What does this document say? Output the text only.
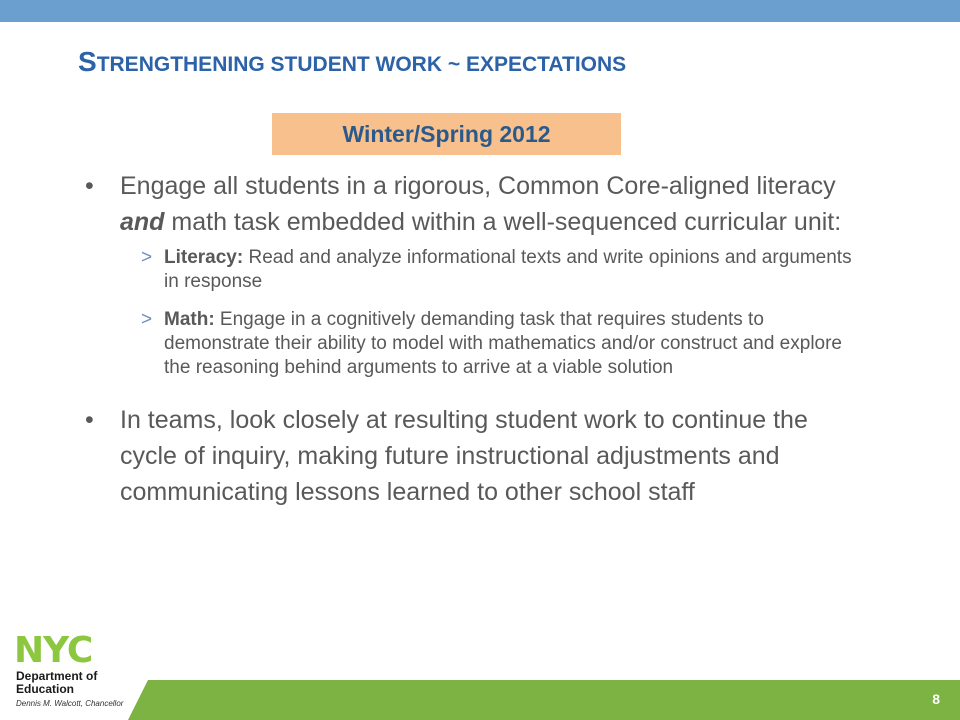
STRENGTHENING STUDENT WORK ~ EXPECTATIONS
Winter/Spring 2012
• Engage all students in a rigorous, Common Core-aligned literacy and math task embedded within a well-sequenced curricular unit:
> Literacy: Read and analyze informational texts and write opinions and arguments in response
> Math: Engage in a cognitively demanding task that requires students to demonstrate their ability to model with mathematics and/or construct and explore the reasoning behind arguments to arrive at a viable solution
• In teams, look closely at resulting student work to continue the cycle of inquiry, making future instructional adjustments and communicating lessons learned to other school staff
8
NYC
Department of
Education
Dennis M. Walcott, Chancellor
